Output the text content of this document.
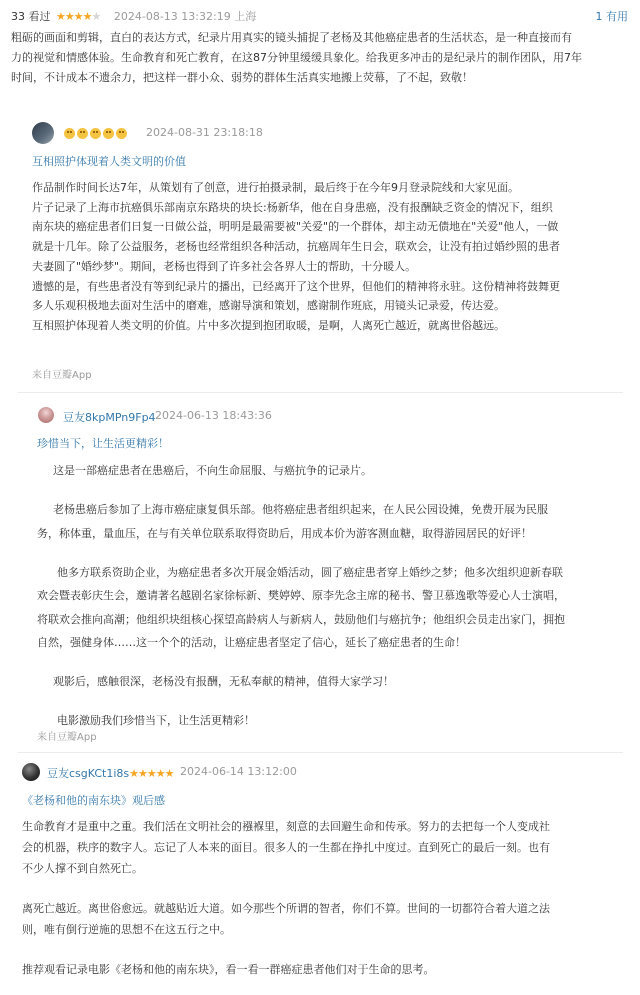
33 看过 ★★★★★ 2024-08-13 13:32:19 上海	1 有用
粗砺的画面和剪辑，直白的表达方式，纪录片用真实的镜头捕捉了老杨及其他癌症患者的生活状态，是一种直接而有
力的视觉和情感体验。生命教育和死亡教育，在这87分钟里缓缓具象化。给我更多冲击的是纪录片的制作团队，用7年
时间，不计成本不遗余力，把这样一群小众、弱势的群体生活真实地搬上荧幕，了不起，致敬！
2024-08-31 23:18:18
互相照护体现着人类文明的价值
作品制作时间长达7年，从策划有了创意，进行拍摄录制，最后终于在今年9月登录院线和大家见面。
片子记录了上海市抗癌俱乐部南京东路块的块长:杨新华，他在自身患癌，没有报酬缺乏资金的情况下，组织
南东块的癌症患者们日复一日做公益，明明是最需要被"关爱"的一个群体，却主动无债地在"关爱"他人，一做
就是十几年。除了公益服务，老杨也经常组织各种活动，抗癌周年生日会，联欢会，让没有拍过婚纱照的患者
夫妻圆了"婚纱梦"。期间，老杨也得到了许多社会各界人士的帮助，十分暖人。
遗憾的是，有些患者没有等到纪录片的播出，已经离开了这个世界，但他们的精神将永驻。这份精神将鼓舞更
多人乐观积极地去面对生活中的磨难，感谢导演和策划，感谢制作班底，用镜头记录爱，传达爱。
互相照护体现着人类文明的价值。片中多次提到抱团取暖，是啊，人离死亡越近，就离世俗越远。
来自豆瓣App
豆友8kpMPn9Fp4 2024-06-13 18:43:36
珍惜当下，让生活更精彩！
这是一部癌症患者在患癌后，不向生命屈服、与癌抗争的记录片。
老杨患癌后参加了上海市癌症康复俱乐部。他将癌症患者组织起来，在人民公园设摊，免费开展为民服
务，称体重，量血压，在与有关单位联系取得资助后，用成本价为游客测血糖，取得游园居民的好评！
他多方联系资助企业，为癌症患者多次开展金婚活动，圆了癌症患者穿上婚纱之梦；他多次组织迎新春联
欢会暨表彰庆生会，邀请著名越剧名家徐标新、樊婷婷、原李先念主席的秘书、警卫慕逸歌等爱心人士演唱，
将联欢会推向高潮；他组织块组核心探望高龄病人与新病人，鼓励他们与癌抗争；他组织会员走出家门，拥抱
自然，强健身体……这一个个的活动，让癌症患者坚定了信心，延长了癌症患者的生命！
观影后，感触很深，老杨没有报酬，无私奉献的精神，值得大家学习！
电影激励我们珍惜当下，让生活更精彩！
来自豆瓣App
豆友csgKCt1i8s★★★★★ 2024-06-14 13:12:00
《老杨和他的南东块》观后感
生命教育才是重中之重。我们活在文明社会的襁褓里，刻意的去回避生命和传承。努力的去把每一个人变成社
会的机器，秩序的数字人。忘记了人本来的面目。很多人的一生都在挣扎中度过。直到死亡的最后一刻。也有
不少人撑不到自然死亡。
离死亡越近。离世俗愈远。就越贴近大道。如今那些个所谓的智者，你们不算。世间的一切都符合着大道之法
则，唯有倒行逆施的思想不在这五行之中。
推荐观看记录电影《老杨和他的南东块》，看一看一群癌症患者他们对于生命的思考。
